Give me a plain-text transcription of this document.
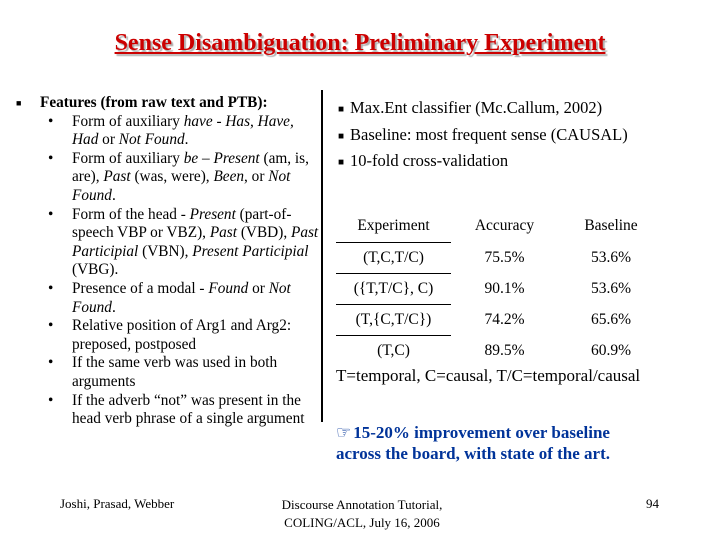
Sense Disambiguation: Preliminary Experiment
■	Features (from raw text and PTB):
• Form of auxiliary have - Has, Have, Had or Not Found.
• Form of auxiliary be – Present (am, is, are), Past (was, were), Been, or Not Found.
• Form of the head - Present (part-of-speech VBP or VBZ), Past (VBD), Past Participial (VBN), Present Participial (VBG).
• Presence of a modal - Found or Not Found.
• Relative position of Arg1 and Arg2: preposed, postposed
• If the same verb was used in both arguments
• If the adverb “not” was present in the head verb phrase of a single argument
■ Max.Ent classifier (Mc.Callum, 2002)
■ Baseline: most frequent sense (CAUSAL)
■ 10-fold cross-validation
Experiment	Accuracy	Baseline
(T,C,T/C)	75.5%	53.6%
({T,T/C}, C)	90.1%	53.6%
(T,{C,T/C})	74.2%	65.6%
(T,C)	89.5%	60.9%
T=temporal, C=causal, T/C=temporal/causal
☞ 15-20% improvement over baseline
across the board, with state of the art.
Joshi, Prasad, Webber	Discourse Annotation Tutorial,
COLING/ACL, July 16, 2006
94
